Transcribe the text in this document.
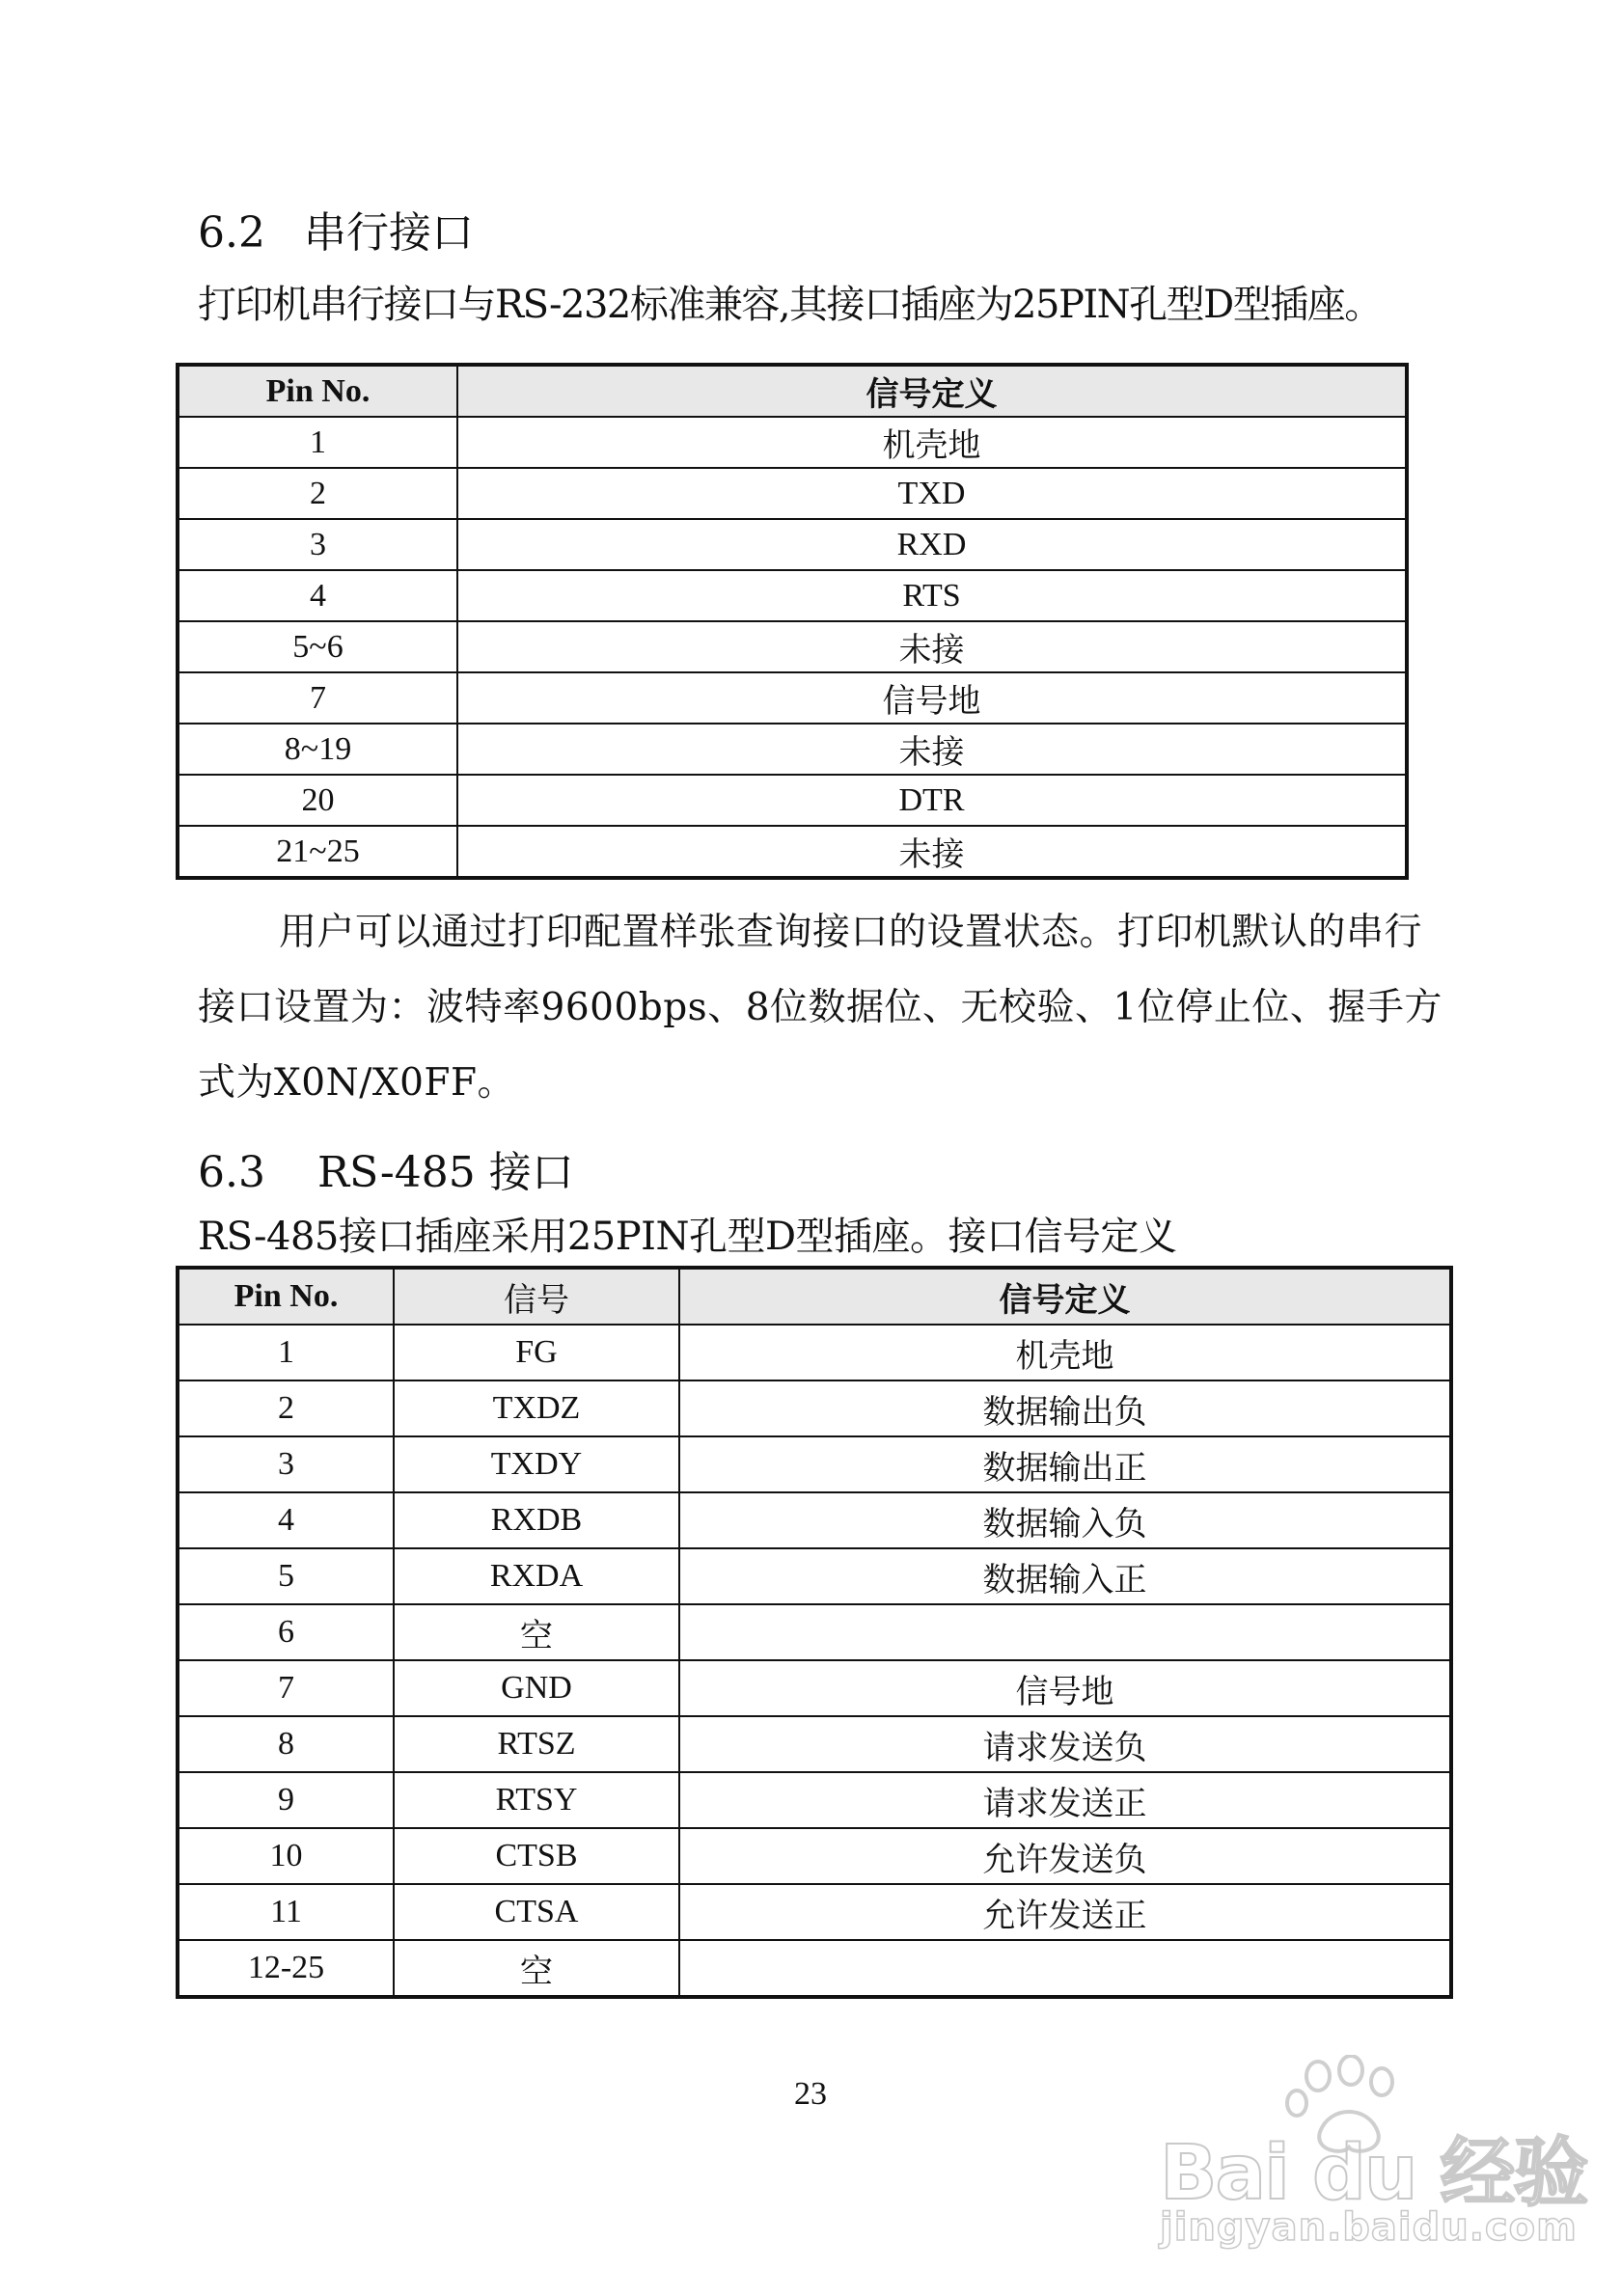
6.2 串行接口

打印机串行接口与RS-232标准兼容,其接口插座为25PIN孔型D型插座。

Pin No.	信号定义
1	机壳地
2	TXD
3	RXD
4	RTS
5~6	未接
7	信号地
8~19	未接
20	DTR
21~25	未接

用户可以通过打印配置样张查询接口的设置状态。打印机默认的串行接口设置为：波特率9600bps、8位数据位、无校验、1位停止位、握手方式为X0N/X0FF。

6.3 RS-485 接口

RS-485接口插座采用25PIN孔型D型插座。接口信号定义

Pin No.	信号	信号定义
1	FG	机壳地
2	TXDZ	数据输出负
3	TXDY	数据输出正
4	RXDB	数据输入负
5	RXDA	数据输入正
6	空	
7	GND	信号地
8	RTSZ	请求发送负
9	RTSY	请求发送正
10	CTSB	允许发送负
11	CTSA	允许发送正
12-25	空	
23
Bai du 经验
jingyan.baidu.com
